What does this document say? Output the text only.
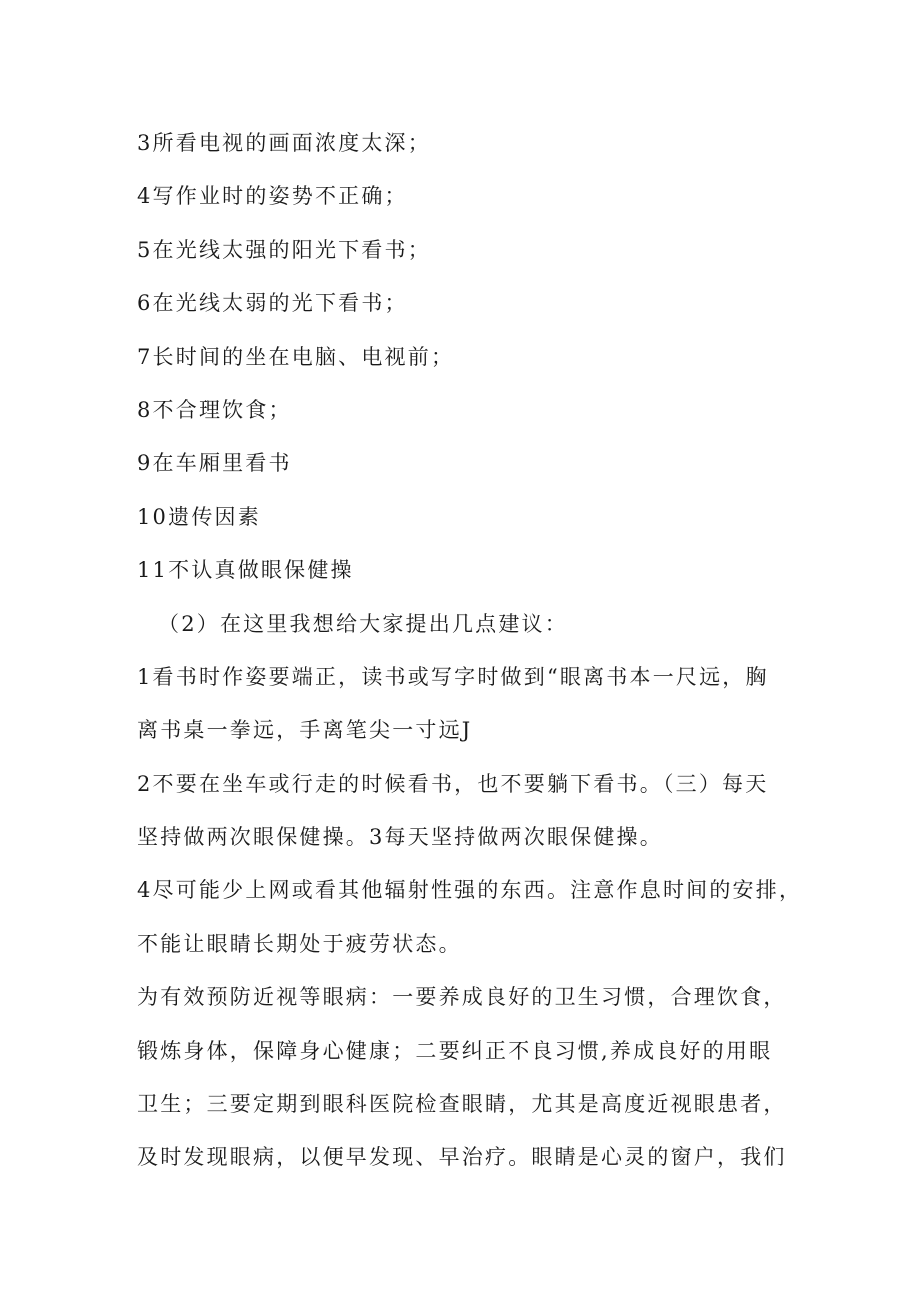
3所看电视的画面浓度太深；
4写作业时的姿势不正确；
5在光线太强的阳光下看书；
6在光线太弱的光下看书；
7长时间的坐在电脑、电视前；
8不合理饮食；
9在车厢里看书
10遗传因素
11不认真做眼保健操
（2）在这里我想给大家提出几点建议：
1看书时作姿要端正，读书或写字时做到“眼离书本一尺远，胸
离书桌一拳远，手离笔尖一寸远J
2不要在坐车或行走的时候看书，也不要躺下看书。（三）每天
坚持做两次眼保健操。3每天坚持做两次眼保健操。
4尽可能少上网或看其他辐射性强的东西。注意作息时间的安排，
不能让眼睛长期处于疲劳状态。
为有效预防近视等眼病：一要养成良好的卫生习惯，合理饮食，
锻炼身体，保障身心健康；二要纠正不良习惯,养成良好的用眼
卫生；三要定期到眼科医院检查眼睛，尤其是高度近视眼患者，
及时发现眼病，以便早发现、早治疗。眼睛是心灵的窗户，我们
